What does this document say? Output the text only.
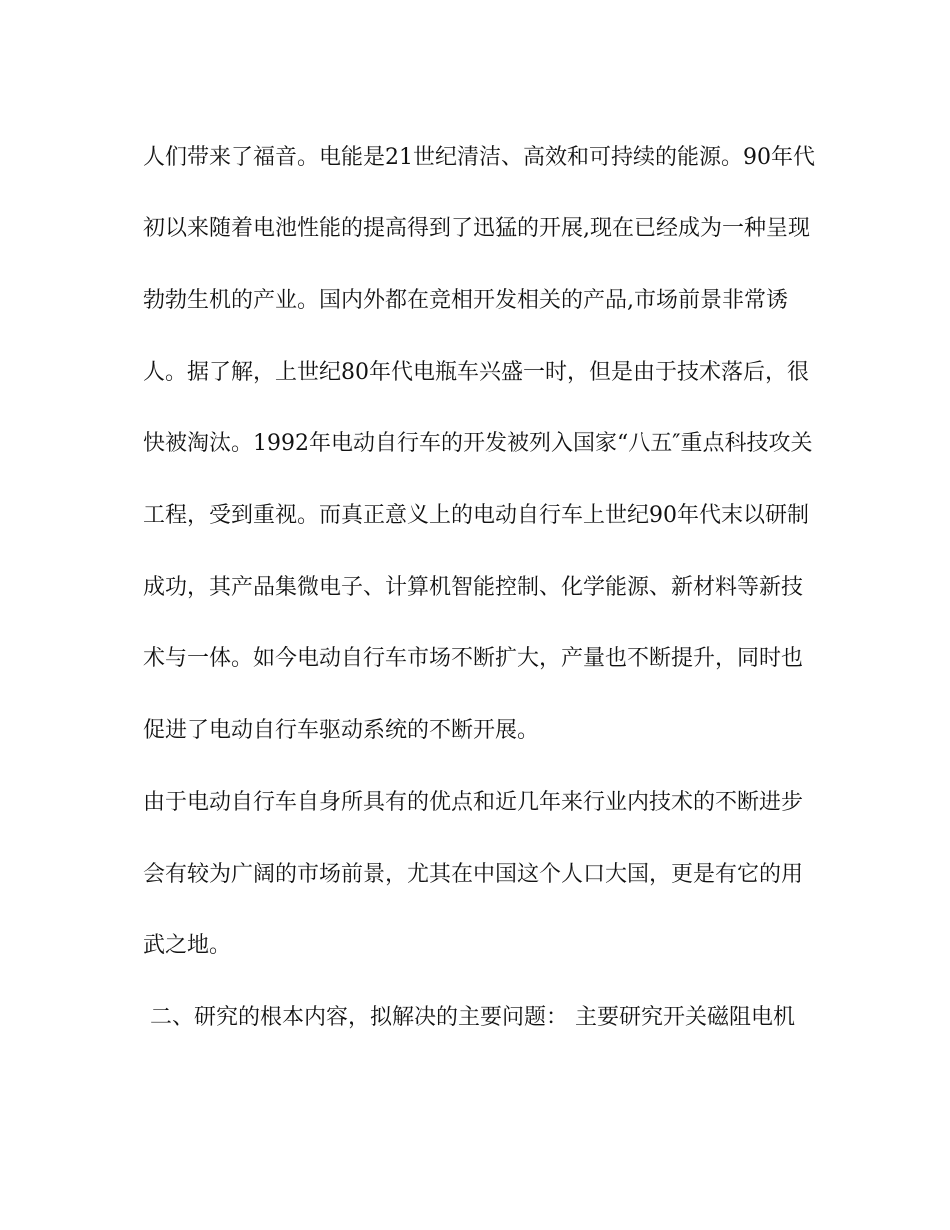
人们带来了福音。电能是21世纪清洁、高效和可持续的能源。90年代
初以来随着电池性能的提高得到了迅猛的开展,现在已经成为一种呈现
勃勃生机的产业。国内外都在竞相开发相关的产品,市场前景非常诱
人。据了解，上世纪80年代电瓶车兴盛一时，但是由于技术落后，很
快被淘汰。1992年电动自行车的开发被列入国家“八五″重点科技攻关
工程，受到重视。而真正意义上的电动自行车上世纪90年代末以研制
成功，其产品集微电子、计算机智能控制、化学能源、新材料等新技
术与一体。如今电动自行车市场不断扩大，产量也不断提升，同时也
促进了电动自行车驱动系统的不断开展。
由于电动自行车自身所具有的优点和近几年来行业内技术的不断进步
会有较为广阔的市场前景，尤其在中国这个人口大国，更是有它的用
武之地。
二、研究的根本内容，拟解决的主要问题： 主要研究开关磁阻电机
